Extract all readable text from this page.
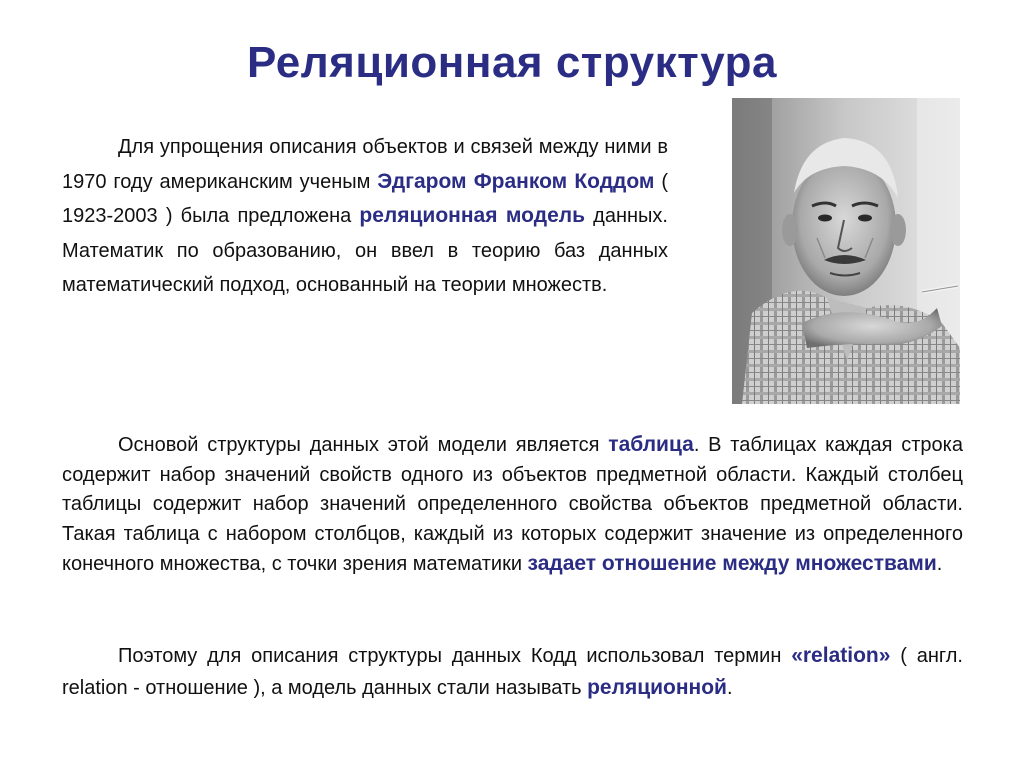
Реляционная структура

Для упрощения описания объектов и связей между ними в 1970 году американским ученым Эдгаром Франком Коддом ( 1923-2003 ) была предложена реляционная модель данных. Математик по образованию, он ввел в теорию баз данных математический подход, основанный на теории множеств.

Основой структуры данных этой модели является таблица. В таблицах каждая строка содержит набор значений свойств одного из объектов предметной области. Каждый столбец таблицы содержит набор значений определенного свойства объектов предметной области. Такая таблица с набором столбцов, каждый из которых содержит значение из определенного конечного множества, с точки зрения математики задает отношение между множествами.

Поэтому для описания структуры данных Кодд использовал термин «relation» ( англ. relation - отношение ), а модель данных стали называть реляционной.
